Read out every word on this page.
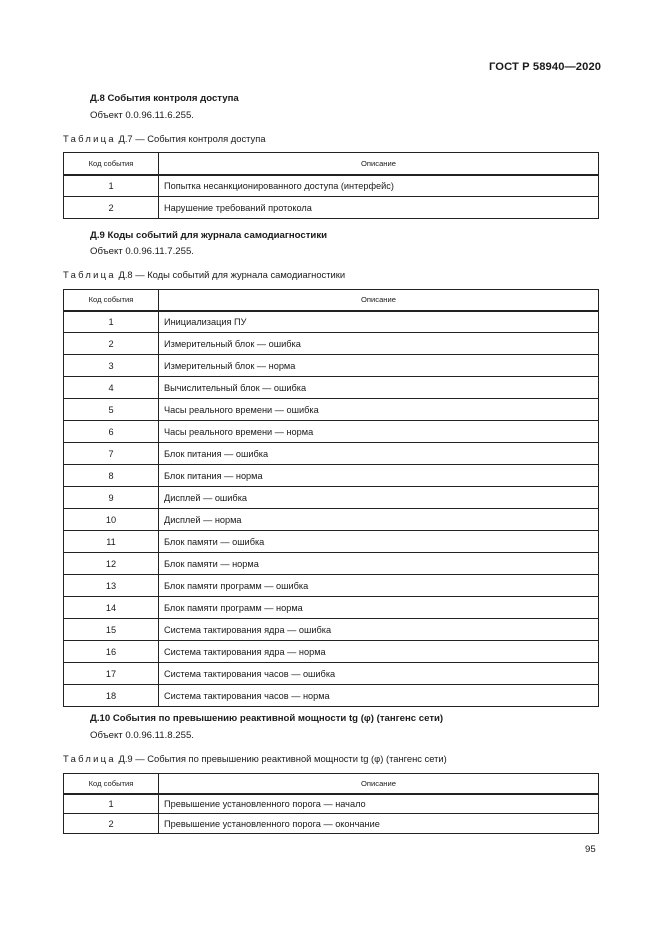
ГОСТ Р 58940—2020
Д.8 События контроля доступа
Объект 0.0.96.11.6.255.
Таблица Д.7 — События контроля доступа
Код события	Описание
1	Попытка несанкционированного доступа (интерфейс)
2	Нарушение требований протокола
Д.9 Коды событий для журнала самодиагностики
Объект 0.0.96.11.7.255.
Таблица Д.8 — Коды событий для журнала самодиагностики
Код события	Описание
1	Инициализация ПУ
2	Измерительный блок — ошибка
3	Измерительный блок — норма
4	Вычислительный блок — ошибка
5	Часы реального времени — ошибка
6	Часы реального времени — норма
7	Блок питания — ошибка
8	Блок питания — норма
9	Дисплей — ошибка
10	Дисплей — норма
11	Блок памяти — ошибка
12	Блок памяти — норма
13	Блок памяти программ — ошибка
14	Блок памяти программ — норма
15	Система тактирования ядра — ошибка
16	Система тактирования ядра — норма
17	Система тактирования часов — ошибка
18	Система тактирования часов — норма
Д.10 События по превышению реактивной мощности tg (φ) (тангенс сети)
Объект 0.0.96.11.8.255.
Таблица Д.9 — События по превышению реактивной мощности tg (φ) (тангенс сети)
Код события	Описание
1	Превышение установленного порога — начало
2	Превышение установленного порога — окончание
95
